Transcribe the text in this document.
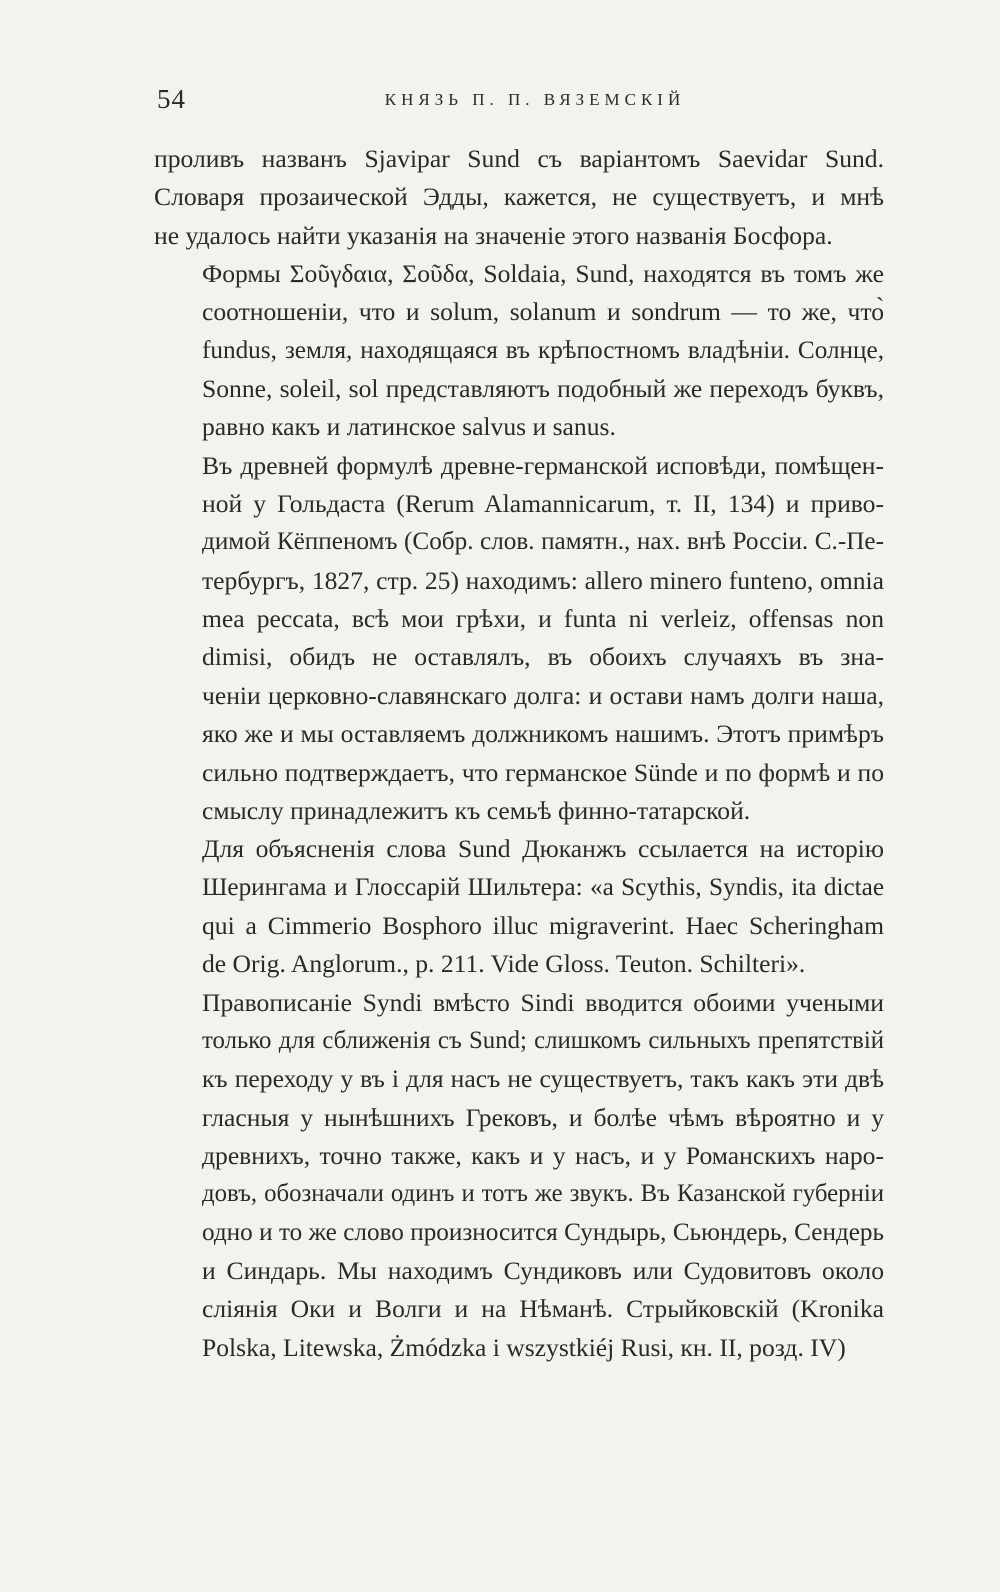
54	КНЯЗЬ П. П. ВЯЗЕМСКІЙ

проливъ названъ Sjavipar Sund съ варіантомъ Saevidar Sund.
Словаря прозаической Эдды, кажется, не существуетъ, и мнѣ
не удалось найти указанія на значеніе этого названія Босфора.

Формы Σοῦγδαια, Σοῦδα, Soldaia, Sund, находятся въ томъ же
соотношеніи, что и solum, solanum и sondrum — то же, что̀
fundus, земля, находящаяся въ крѣпостномъ владѣніи. Солнце,
Sonne, soleil, sol представляютъ подобный же переходъ буквъ,
равно какъ и латинское salvus и sanus.

Въ древней формулѣ древне-германской исповѣди, помѣщен-
ной у Гольдаста (Rerum Alamannicarum, т. II, 134) и приво-
димой Кёппеномъ (Собр. слов. памятн., нах. внѣ Россіи. С.-Пе-
тербургъ, 1827, стр. 25) находимъ: allero minero funteno, omnia
mea peccata, всѣ мои грѣхи, и funta ni verleiz, offensas non
dimisi, обидъ не оставлялъ, въ обоихъ случаяхъ въ зна-
ченіи церковно-славянскаго долга: и остави намъ долги наша,
яко же и мы оставляемъ должникомъ нашимъ. Этотъ примѣръ
сильно подтверждаетъ, что германское Sünde и по формѣ и по
смыслу принадлежитъ къ семьѣ финно-татарской.

Для объясненія слова Sund Дюканжъ ссылается на исторію
Шерингама и Глоссарій Шильтера: «a Scythis, Syndis, ita dictae
qui a Cimmerio Bosphoro illuc migraverint. Haec Scheringham
de Orig. Anglorum., p. 211. Vide Gloss. Teuton. Schilteri».

Правописаніе Syndi вмѣсто Sindi вводится обоими учеными
только для сближенія съ Sund; слишкомъ сильныхъ препятствій
къ переходу y въ i для насъ не существуетъ, такъ какъ эти двѣ
гласныя у нынѣшнихъ Грековъ, и болѣе чѣмъ вѣроятно и у
древнихъ, точно также, какъ и у насъ, и у Романскихъ наро-
довъ, обозначали одинъ и тотъ же звукъ. Въ Казанской губерніи
одно и то же слово произносится Сундырь, Сьюндерь, Сендерь
и Синдарь. Мы находимъ Сундиковъ или Судовитовъ около
сліянія Оки и Волги и на Нѣманѣ. Стрыйковскій (Kronika
Polska, Litewska, Żmódzka i wszystkiéj Rusi, кн. II, розд. IV)
